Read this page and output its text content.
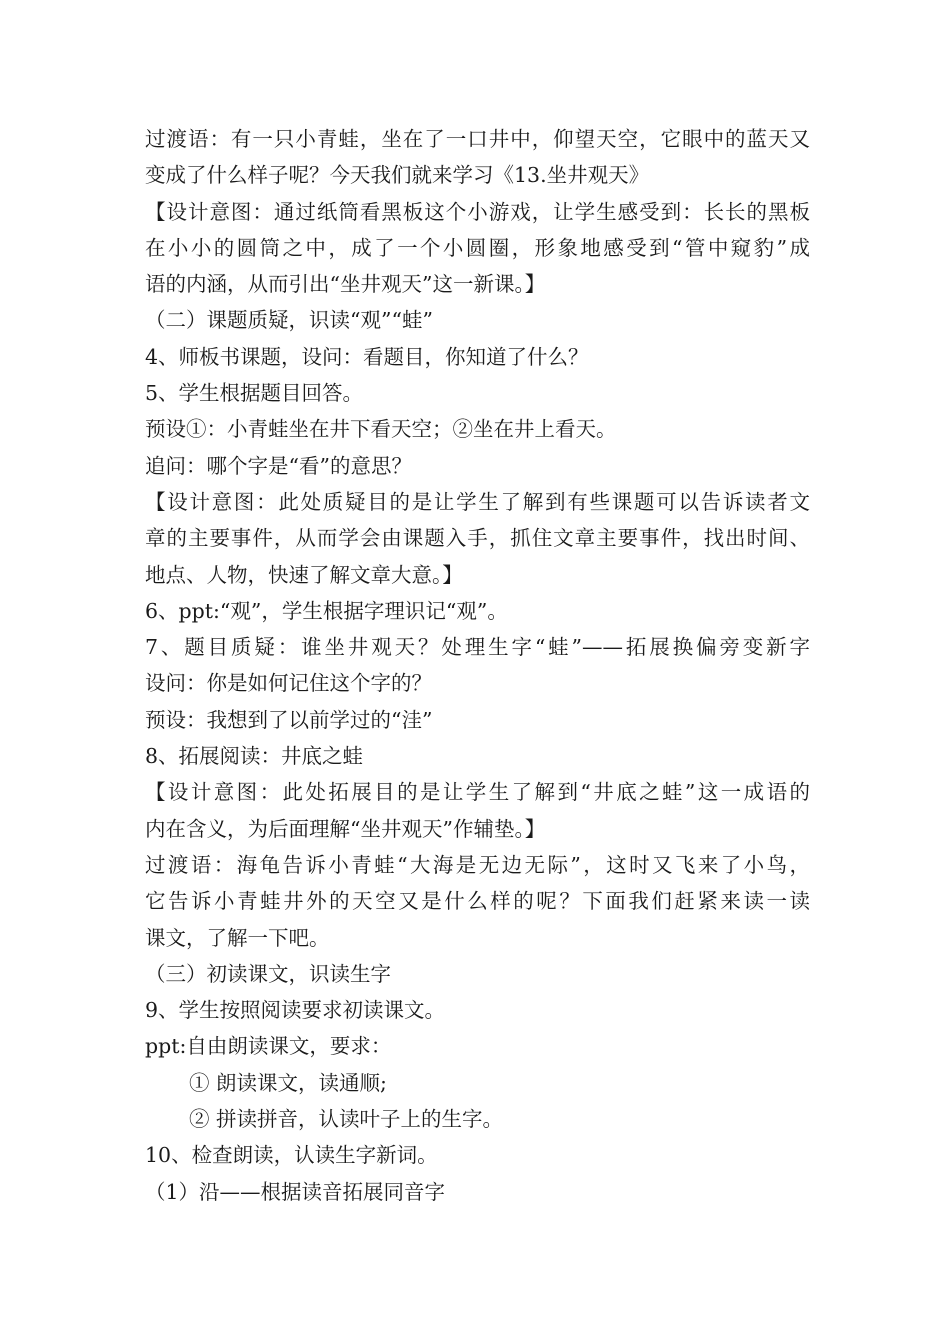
过渡语：有一只小青蛙，坐在了一口井中，仰望天空，它眼中的蓝天又
变成了什么样子呢？今天我们就来学习《13.坐井观天》
【设计意图：通过纸筒看黑板这个小游戏，让学生感受到：长长的黑板
在小小的圆筒之中，成了一个小圆圈，形象地感受到“管中窥豹”成
语的内涵，从而引出“坐井观天”这一新课。】
（二）课题质疑，识读“观”“蛙”
4、师板书课题，设问：看题目，你知道了什么？
5、学生根据题目回答。
预设①：小青蛙坐在井下看天空；②坐在井上看天。
追问：哪个字是“看”的意思？
【设计意图：此处质疑目的是让学生了解到有些课题可以告诉读者文
章的主要事件，从而学会由课题入手，抓住文章主要事件，找出时间、
地点、人物，快速了解文章大意。】
6、ppt:“观”，学生根据字理识记“观”。
7、题目质疑：谁坐井观天？处理生字“蛙”——拓展换偏旁变新字
设问：你是如何记住这个字的？
预设：我想到了以前学过的“洼”
8、拓展阅读：井底之蛙
【设计意图：此处拓展目的是让学生了解到“井底之蛙”这一成语的
内在含义，为后面理解“坐井观天”作辅垫。】
过渡语：海龟告诉小青蛙“大海是无边无际”，这时又飞来了小鸟，
它告诉小青蛙井外的天空又是什么样的呢？下面我们赶紧来读一读
课文，了解一下吧。
（三）初读课文，识读生字
9、学生按照阅读要求初读课文。
ppt:自由朗读课文，要求：
① 朗读课文，读通顺;
② 拼读拼音，认读叶子上的生字。
10、检查朗读，认读生字新词。
（1）沿——根据读音拓展同音字
